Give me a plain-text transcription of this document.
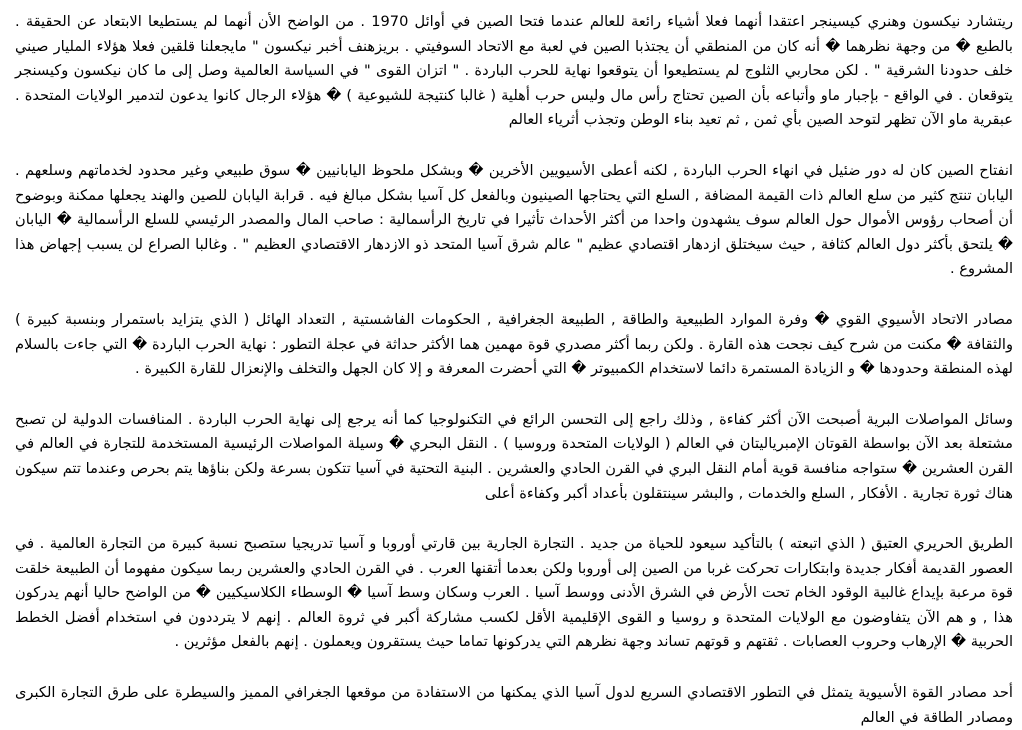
ريتشارد نيكسون وهنري كيسينجر اعتقدا أنهما فعلا أشياء رائعة للعالم عندما فتحا الصين في أوائل 1970 . من الواضح الأن أنهما لم يستطيعا الابتعاد عن الحقيقة . بالطبع � من وجهة نظرهما � أنه كان من المنطقي أن يجتذبا الصين في لعبة مع الاتحاد السوفيتي . بريزهنف أخبر نيكسون " مايجعلنا قلقين فعلا هؤلاء المليار صيني خلف حدودنا الشرقية " . لكن محاربي الثلوج لم يستطيعوا أن يتوقعوا نهاية للحرب الباردة . " اتزان القوى " في السياسة العالمية وصل إلى ما كان نيكسون وكيسنجر يتوقعان . في الواقع - بإجبار ماو وأتباعه بأن الصين تحتاج رأس مال وليس حرب أهلية ( غالبا كنتيجة للشيوعية ) � هؤلاء الرجال كانوا يدعون لتدمير الولايات المتحدة . عبقرية ماو الآن تظهر لتوحد الصين بأي ثمن , ثم تعيد بناء الوطن وتجذب أثرياء العالم

انفتاح الصين كان له دور ضئيل في انهاء الحرب الباردة , لكنه أعطى الأسيويين الأخرين � وبشكل ملحوظ اليابانيين � سوق طبيعي وغير محدود لخدماتهم وسلعهم . اليابان تنتج كثير من سلع العالم ذات القيمة المضافة , السلع التي يحتاجها الصينيون وبالفعل كل آسيا بشكل مبالغ فيه . قرابة اليابان للصين والهند يجعلها ممكنة وبوضوح أن أصحاب رؤوس الأموال حول العالم سوف يشهدون واحدا من أكثر الأحداث تأثيرا في تاريخ الرأسمالية : صاحب المال والمصدر الرئيسي للسلع الرأسمالية � اليابان � يلتحق بأكثر دول العالم كثافة , حيث سيختلق ازدهار اقتصادي عظيم " عالم شرق آسيا المتحد ذو الازدهار الاقتصادي العظيم " . وغالبا الصراع لن يسبب إجهاض هذا المشروع .

مصادر الاتحاد الأسيوي القوي � وفرة الموارد الطبيعية والطاقة , الطبيعة الجغرافية , الحكومات الفاشستية , التعداد الهائل ( الذي يتزايد باستمرار وبنسبة كبيرة ) والثقافة � مكنت من شرح كيف نجحت هذه القارة . ولكن ربما أكثر مصدري قوة مهمين هما الأكثر حداثة في عجلة التطور : نهاية الحرب الباردة � التي جاءت بالسلام لهذه المنطقة وحدودها � و الزيادة المستمرة دائما لاستخدام الكمبيوتر � التي أحضرت المعرفة و إلا كان الجهل والتخلف والإنعزال للقارة الكبيرة .

وسائل المواصلات البرية أصبحت الآن أكثر كفاءة , وذلك راجع إلى التحسن الرائع في التكنولوجيا كما أنه يرجع إلى نهاية الحرب الباردة . المنافسات الدولية لن تصبح مشتعلة بعد الآن بواسطة القوتان الإمبرياليتان في العالم ( الولايات المتحدة وروسيا ) . النقل البحري � وسيلة المواصلات الرئيسية المستخدمة للتجارة في العالم في القرن العشرين � ستواجه منافسة قوية أمام النقل البري في القرن الحادي والعشرين . البنية التحتية في آسيا تتكون بسرعة ولكن بناؤها يتم بحرص وعندما تتم سيكون هناك ثورة تجارية . الأفكار , السلع والخدمات , والبشر سينتقلون بأعداد أكبر وكفاءة أعلى

الطريق الحريري العتيق ( الذي اتبعته ) بالتأكيد سيعود للحياة من جديد . التجارة الجارية بين قارتي أوروبا و آسيا تدريجيا ستصبح نسبة كبيرة من التجارة العالمية . في العصور القديمة أفكار جديدة وابتكارات تحركت غربا من الصين إلى أوروبا ولكن بعدما أتقنها العرب . في القرن الحادي والعشرين ربما سيكون مفهوما أن الطبيعة خلقت قوة مرعبة بإيداع غالبية الوقود الخام تحت الأرض في الشرق الأدنى ووسط آسيا . العرب وسكان وسط آسيا � الوسطاء الكلاسيكيين � من الواضح حاليا أنهم يدركون هذا , و هم الآن يتفاوضون مع الولايات المتحدة و روسيا و القوى الإقليمية الأقل لكسب مشاركة أكبر في ثروة العالم . إنهم لا يترددون في استخدام أفضل الخطط الحربية � الإرهاب وحروب العصابات . ثقتهم و قوتهم تساند وجهة نظرهم التي يدركونها تماما حيث يستقرون ويعملون . إنهم بالفعل مؤثرين .

أحد مصادر القوة الأسيوية يتمثل في التطور الاقتصادي السريع لدول آسيا الذي يمكنها من الاستفادة من موقعها الجغرافي المميز والسيطرة على طرق التجارة الكبرى ومصادر الطاقة في العالم
